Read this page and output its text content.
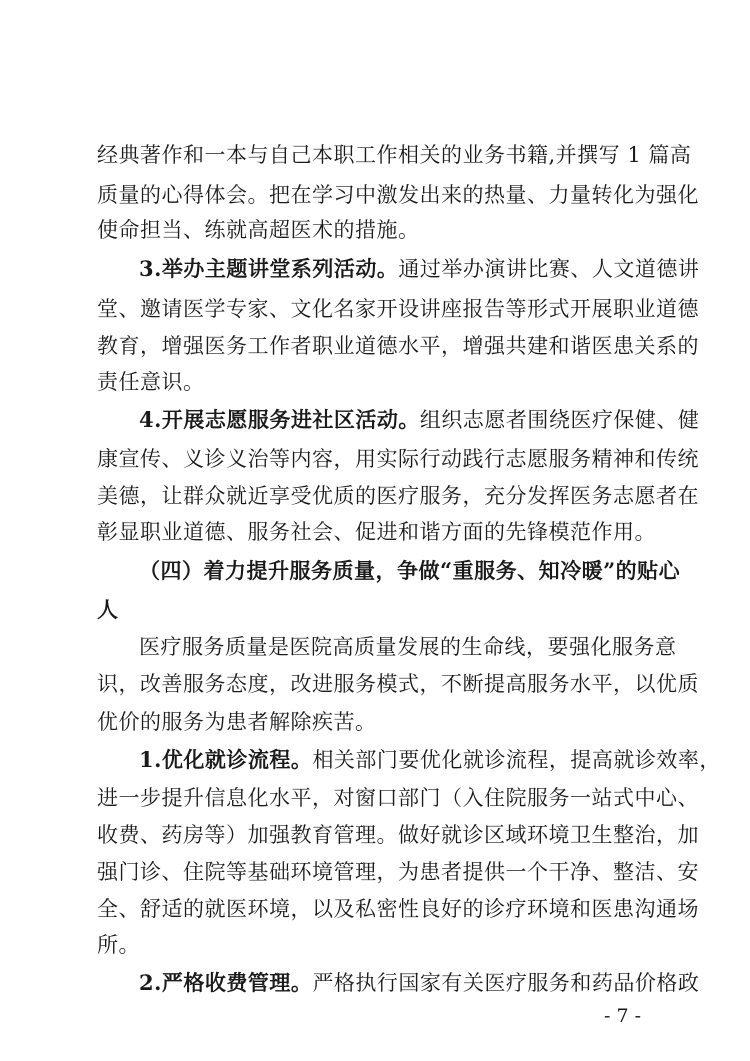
经典著作和一本与自己本职工作相关的业务书籍,并撰写 1 篇高
质量的心得体会。把在学习中激发出来的热量、力量转化为强化
使命担当、练就高超医术的措施。
3.举办主题讲堂系列活动。通过举办演讲比赛、人文道德讲
堂、邀请医学专家、文化名家开设讲座报告等形式开展职业道德
教育，增强医务工作者职业道德水平，增强共建和谐医患关系的
责任意识。
4.开展志愿服务进社区活动。组织志愿者围绕医疗保健、健
康宣传、义诊义治等内容，用实际行动践行志愿服务精神和传统
美德，让群众就近享受优质的医疗服务，充分发挥医务志愿者在
彰显职业道德、服务社会、促进和谐方面的先锋模范作用。
（四）着力提升服务质量，争做“重服务、知冷暖”的贴心
人
医疗服务质量是医院高质量发展的生命线，要强化服务意
识，改善服务态度，改进服务模式，不断提高服务水平，以优质
优价的服务为患者解除疾苦。
1.优化就诊流程。相关部门要优化就诊流程，提高就诊效率，
进一步提升信息化水平，对窗口部门（入住院服务一站式中心、
收费、药房等）加强教育管理。做好就诊区域环境卫生整治，加
强门诊、住院等基础环境管理，为患者提供一个干净、整洁、安
全、舒适的就医环境，以及私密性良好的诊疗环境和医患沟通场
所。
2.严格收费管理。严格执行国家有关医疗服务和药品价格政
- 7 -
